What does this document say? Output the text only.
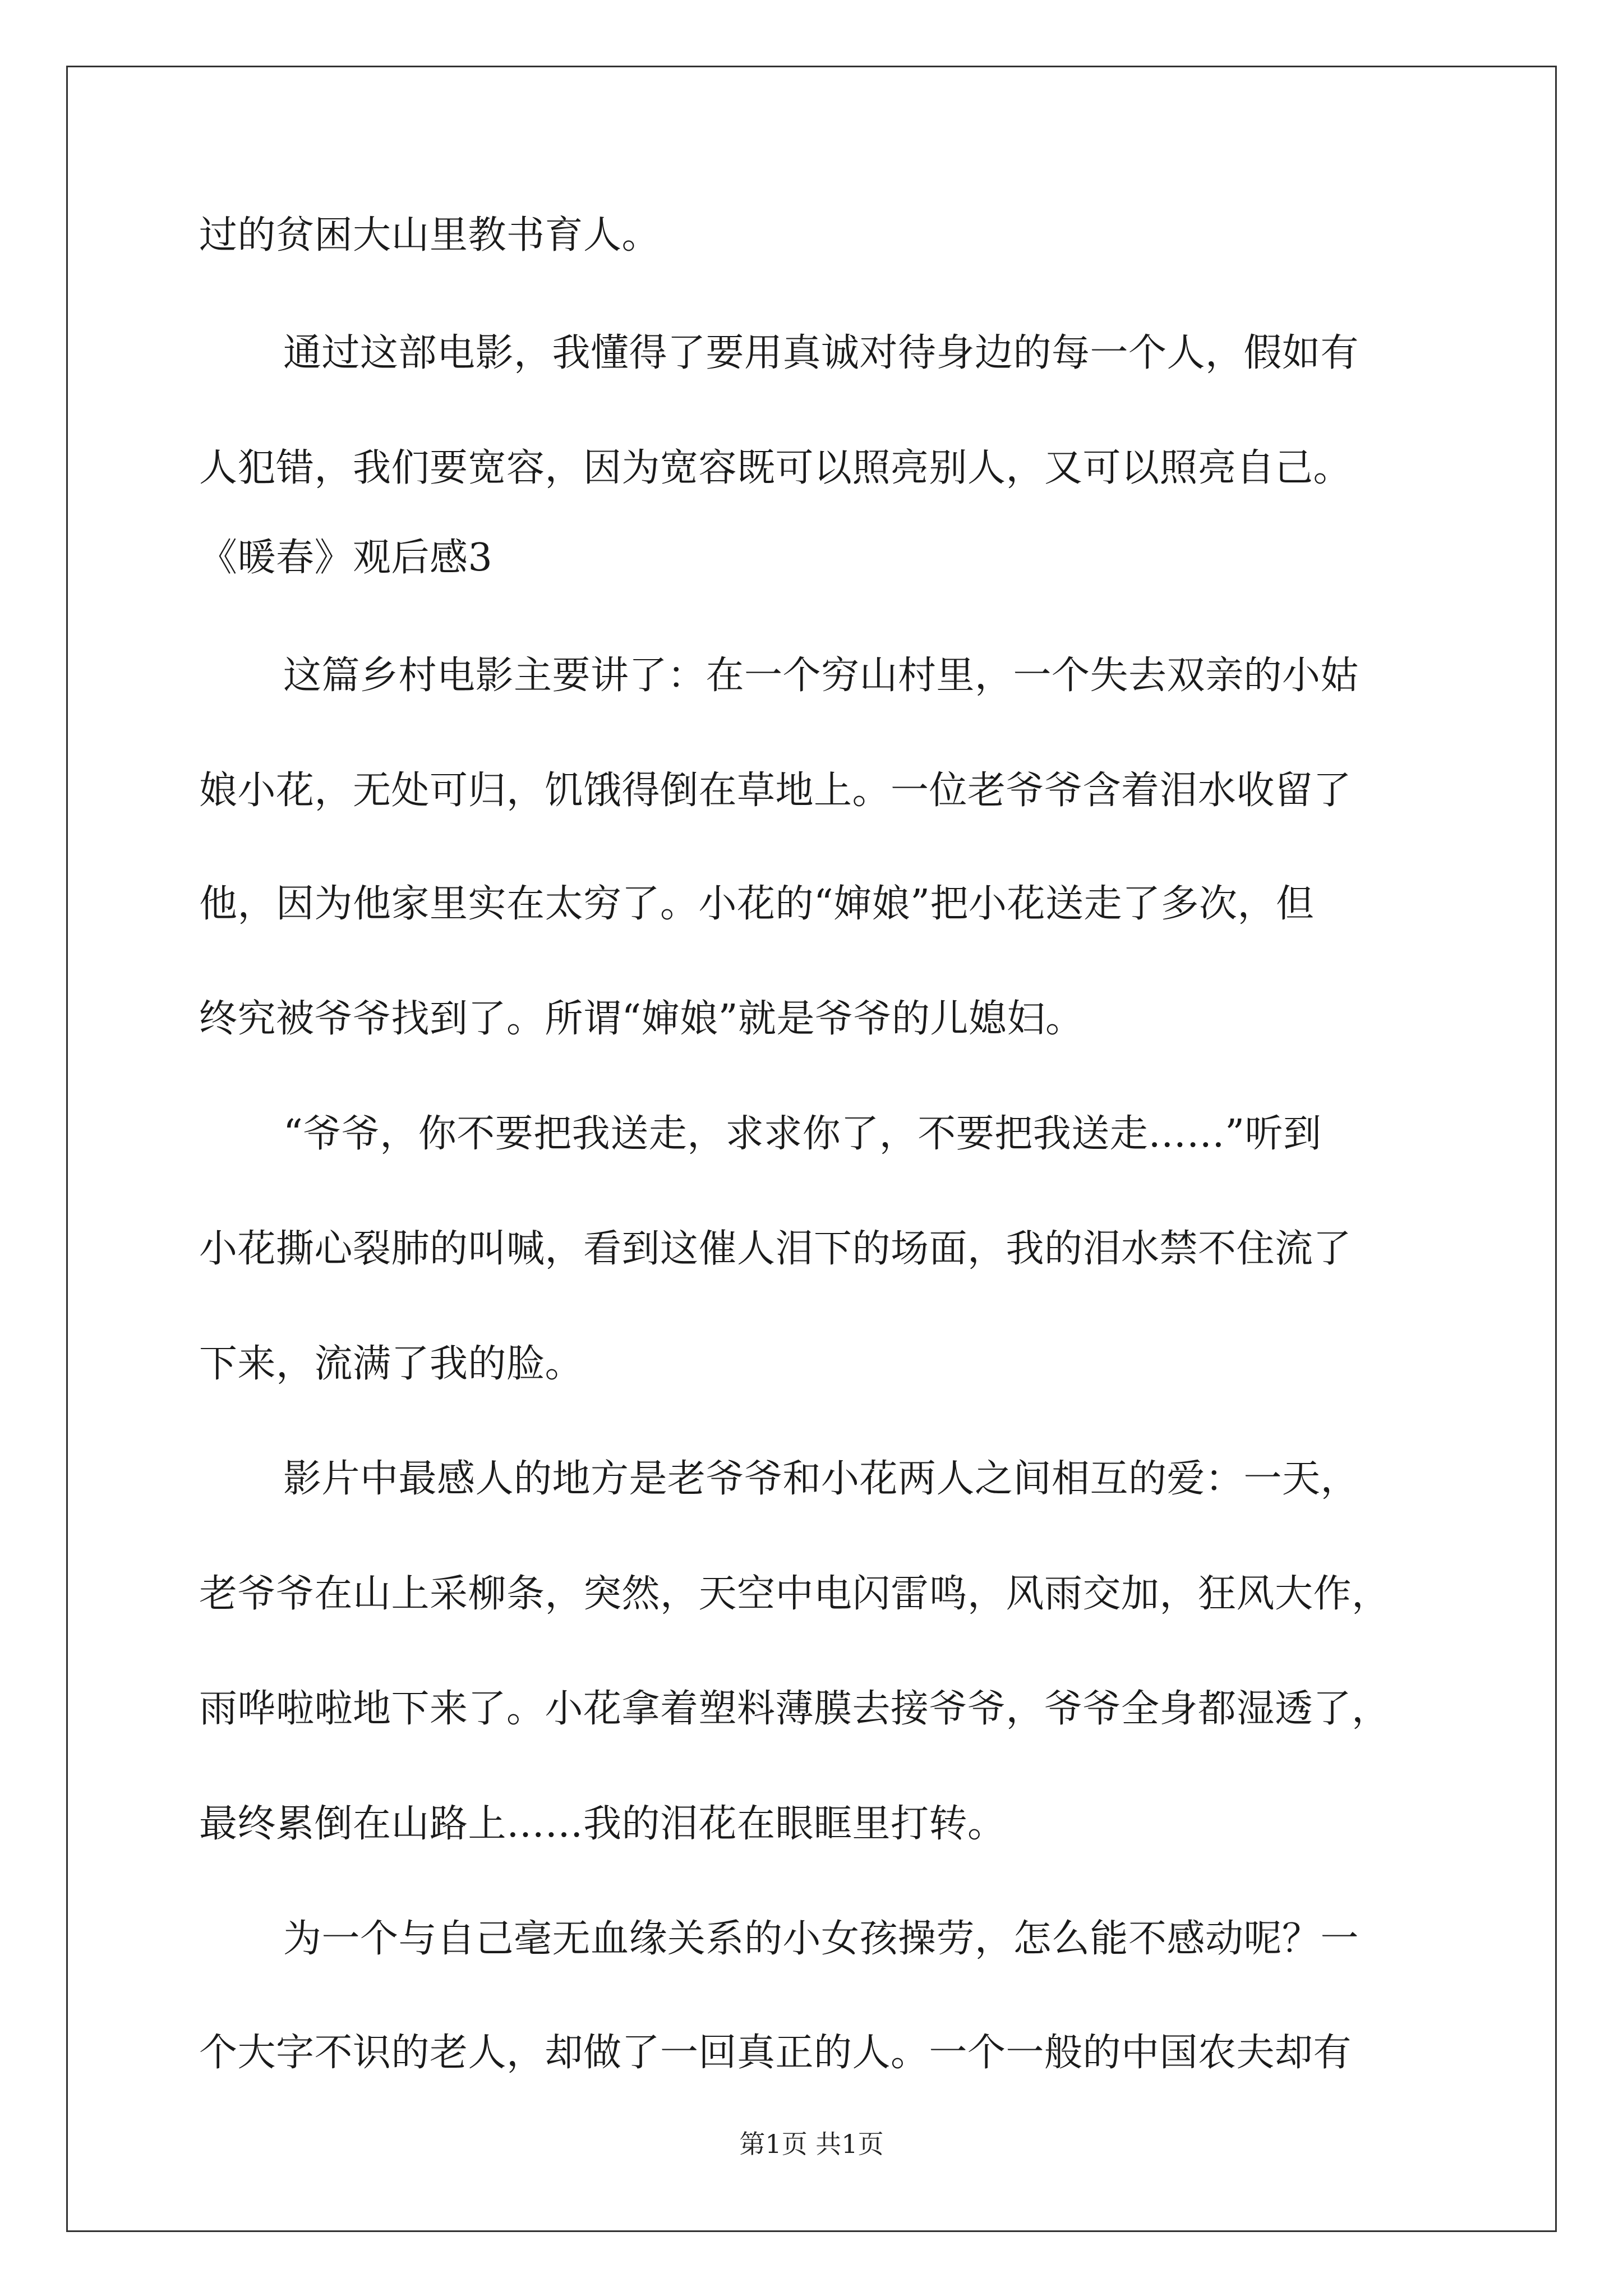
过的贫困大山里教书育人。
通过这部电影，我懂得了要用真诚对待身边的每一个人，假如有
人犯错，我们要宽容，因为宽容既可以照亮别人，又可以照亮自己。
《暖春》观后感3
这篇乡村电影主要讲了：在一个穷山村里，一个失去双亲的小姑
娘小花，无处可归，饥饿得倒在草地上。一位老爷爷含着泪水收留了
他，因为他家里实在太穷了。小花的“婶娘”把小花送走了多次，但
终究被爷爷找到了。所谓“婶娘”就是爷爷的儿媳妇。
“爷爷，你不要把我送走，求求你了，不要把我送走……”听到
小花撕心裂肺的叫喊，看到这催人泪下的场面，我的泪水禁不住流了
下来，流满了我的脸。
影片中最感人的地方是老爷爷和小花两人之间相互的爱：一天，
老爷爷在山上采柳条，突然，天空中电闪雷鸣，风雨交加，狂风大作，
雨哗啦啦地下来了。小花拿着塑料薄膜去接爷爷，爷爷全身都湿透了，
最终累倒在山路上……我的泪花在眼眶里打转。
为一个与自己毫无血缘关系的小女孩操劳，怎么能不感动呢？一
个大字不识的老人，却做了一回真正的人。一个一般的中国农夫却有
第1页 共1页
